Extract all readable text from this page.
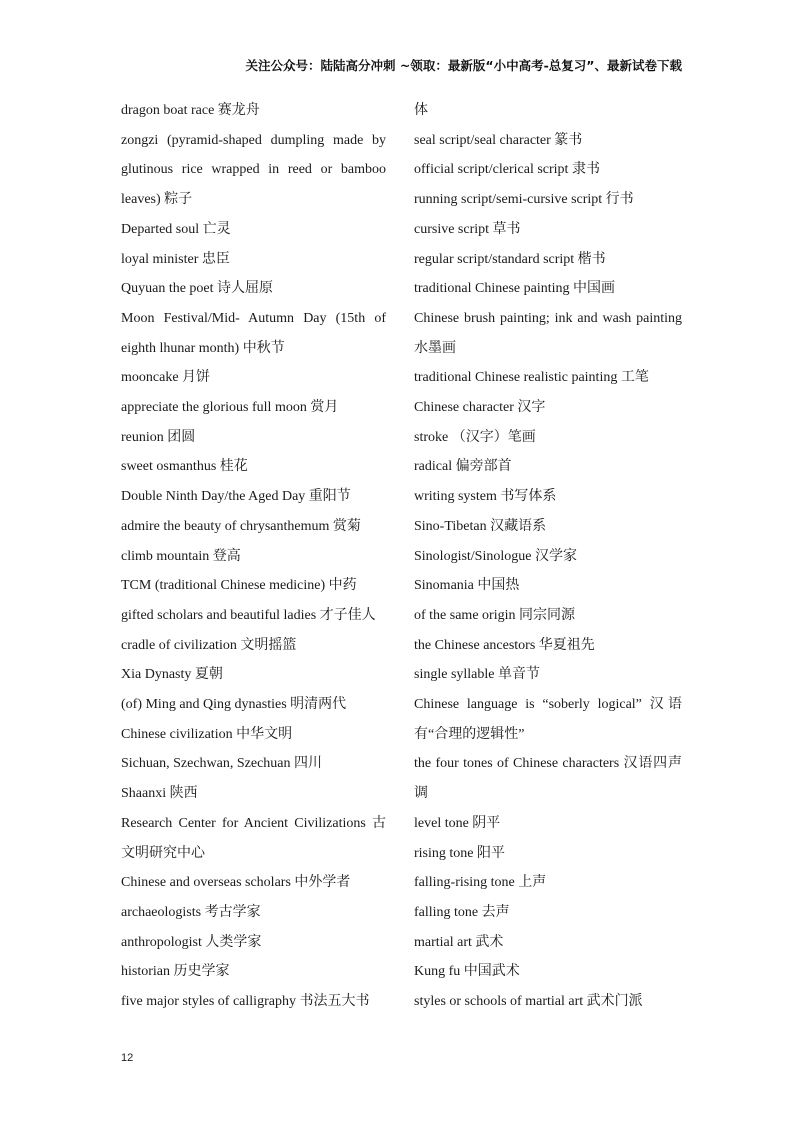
关注公众号：陆陆高分冲刺 ~领取：最新版“小中高考-总复习”、最新试卷下载

dragon boat race 赛龙舟

zongzi (pyramid-shaped dumpling made by glutinous rice wrapped in reed or bamboo leaves) 粽子

Departed soul 亡灵

loyal minister 忠臣

Quyuan the poet 诗人屈原

Moon Festival/Mid- Autumn Day (15th of eighth lhunar month) 中秋节

mooncake 月饼

appreciate the glorious full moon 赏月

reunion 团圆

sweet osmanthus 桂花

Double Ninth Day/the Aged Day 重阳节

admire the beauty of chrysanthemum 赏菊

climb mountain 登高

TCM (traditional Chinese medicine) 中药

gifted scholars and beautiful ladies 才子佳人

cradle of civilization 文明摇篮

Xia Dynasty 夏朝

(of) Ming and Qing dynasties 明清两代

Chinese civilization 中华文明

Sichuan, Szechwan, Szechuan 四川

Shaanxi 陕西

Research Center for Ancient Civilizations 古文明研究中心

Chinese and overseas scholars 中外学者

archaeologists 考古学家

anthropologist 人类学家

historian 历史学家

five major styles of calligraphy 书法五大书

体

seal script/seal character 篆书

official script/clerical script 隶书

running script/semi-cursive script 行书

cursive script 草书

regular script/standard script 楷书

traditional Chinese painting 中国画

Chinese brush painting; ink and wash painting 水墨画

traditional Chinese realistic painting 工笔

Chinese character 汉字

stroke （汉字）笔画

radical 偏旁部首

writing system 书写体系

Sino-Tibetan 汉藏语系

Sinologist/Sinologue 汉学家

Sinomania 中国热

of the same origin 同宗同源

the Chinese ancestors 华夏祖先

single syllable 单音节

Chinese language is “soberly logical” 汉语有“合理的逻辑性”

the four tones of Chinese characters 汉语四声调

level tone 阴平

rising tone 阳平

falling-rising tone 上声

falling tone 去声

martial art 武术

Kung fu 中国武术

styles or schools of martial art 武术门派

12
